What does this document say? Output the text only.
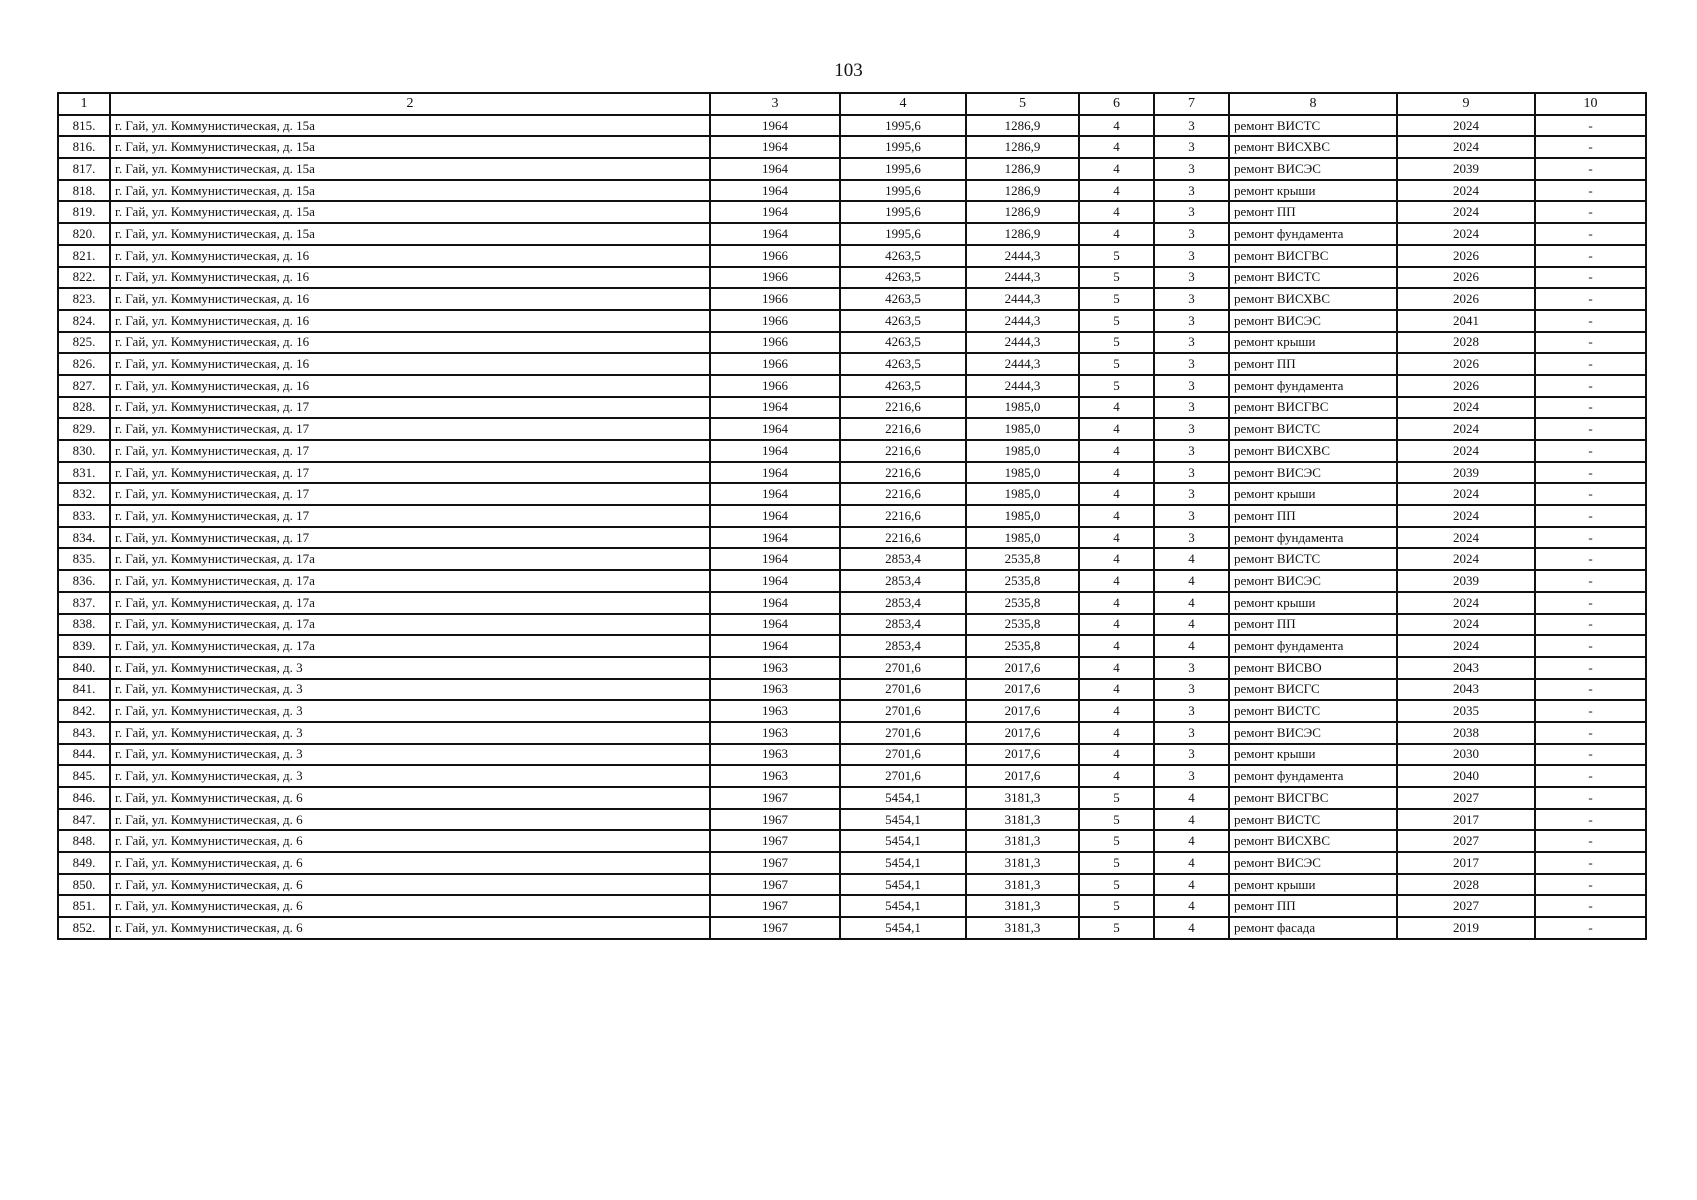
103
1	2	3	4	5	6	7	8	9	10
815.	г. Гай, ул. Коммунистическая, д. 15а	1964	1995,6	1286,9	4	3	ремонт ВИСТС	2024	-
816.	г. Гай, ул. Коммунистическая, д. 15а	1964	1995,6	1286,9	4	3	ремонт ВИСХВС	2024	-
817.	г. Гай, ул. Коммунистическая, д. 15а	1964	1995,6	1286,9	4	3	ремонт ВИСЭС	2039	-
818.	г. Гай, ул. Коммунистическая, д. 15а	1964	1995,6	1286,9	4	3	ремонт крыши	2024	-
819.	г. Гай, ул. Коммунистическая, д. 15а	1964	1995,6	1286,9	4	3	ремонт ПП	2024	-
820.	г. Гай, ул. Коммунистическая, д. 15а	1964	1995,6	1286,9	4	3	ремонт фундамента	2024	-
821.	г. Гай, ул. Коммунистическая, д. 16	1966	4263,5	2444,3	5	3	ремонт ВИСГВС	2026	-
822.	г. Гай, ул. Коммунистическая, д. 16	1966	4263,5	2444,3	5	3	ремонт ВИСТС	2026	-
823.	г. Гай, ул. Коммунистическая, д. 16	1966	4263,5	2444,3	5	3	ремонт ВИСХВС	2026	-
824.	г. Гай, ул. Коммунистическая, д. 16	1966	4263,5	2444,3	5	3	ремонт ВИСЭС	2041	-
825.	г. Гай, ул. Коммунистическая, д. 16	1966	4263,5	2444,3	5	3	ремонт крыши	2028	-
826.	г. Гай, ул. Коммунистическая, д. 16	1966	4263,5	2444,3	5	3	ремонт ПП	2026	-
827.	г. Гай, ул. Коммунистическая, д. 16	1966	4263,5	2444,3	5	3	ремонт фундамента	2026	-
828.	г. Гай, ул. Коммунистическая, д. 17	1964	2216,6	1985,0	4	3	ремонт ВИСГВС	2024	-
829.	г. Гай, ул. Коммунистическая, д. 17	1964	2216,6	1985,0	4	3	ремонт ВИСТС	2024	-
830.	г. Гай, ул. Коммунистическая, д. 17	1964	2216,6	1985,0	4	3	ремонт ВИСХВС	2024	-
831.	г. Гай, ул. Коммунистическая, д. 17	1964	2216,6	1985,0	4	3	ремонт ВИСЭС	2039	-
832.	г. Гай, ул. Коммунистическая, д. 17	1964	2216,6	1985,0	4	3	ремонт крыши	2024	-
833.	г. Гай, ул. Коммунистическая, д. 17	1964	2216,6	1985,0	4	3	ремонт ПП	2024	-
834.	г. Гай, ул. Коммунистическая, д. 17	1964	2216,6	1985,0	4	3	ремонт фундамента	2024	-
835.	г. Гай, ул. Коммунистическая, д. 17а	1964	2853,4	2535,8	4	4	ремонт ВИСТС	2024	-
836.	г. Гай, ул. Коммунистическая, д. 17а	1964	2853,4	2535,8	4	4	ремонт ВИСЭС	2039	-
837.	г. Гай, ул. Коммунистическая, д. 17а	1964	2853,4	2535,8	4	4	ремонт крыши	2024	-
838.	г. Гай, ул. Коммунистическая, д. 17а	1964	2853,4	2535,8	4	4	ремонт ПП	2024	-
839.	г. Гай, ул. Коммунистическая, д. 17а	1964	2853,4	2535,8	4	4	ремонт фундамента	2024	-
840.	г. Гай, ул. Коммунистическая, д. 3	1963	2701,6	2017,6	4	3	ремонт ВИСВО	2043	-
841.	г. Гай, ул. Коммунистическая, д. 3	1963	2701,6	2017,6	4	3	ремонт ВИСГС	2043	-
842.	г. Гай, ул. Коммунистическая, д. 3	1963	2701,6	2017,6	4	3	ремонт ВИСТС	2035	-
843.	г. Гай, ул. Коммунистическая, д. 3	1963	2701,6	2017,6	4	3	ремонт ВИСЭС	2038	-
844.	г. Гай, ул. Коммунистическая, д. 3	1963	2701,6	2017,6	4	3	ремонт крыши	2030	-
845.	г. Гай, ул. Коммунистическая, д. 3	1963	2701,6	2017,6	4	3	ремонт фундамента	2040	-
846.	г. Гай, ул. Коммунистическая, д. 6	1967	5454,1	3181,3	5	4	ремонт ВИСГВС	2027	-
847.	г. Гай, ул. Коммунистическая, д. 6	1967	5454,1	3181,3	5	4	ремонт ВИСТС	2017	-
848.	г. Гай, ул. Коммунистическая, д. 6	1967	5454,1	3181,3	5	4	ремонт ВИСХВС	2027	-
849.	г. Гай, ул. Коммунистическая, д. 6	1967	5454,1	3181,3	5	4	ремонт ВИСЭС	2017	-
850.	г. Гай, ул. Коммунистическая, д. 6	1967	5454,1	3181,3	5	4	ремонт крыши	2028	-
851.	г. Гай, ул. Коммунистическая, д. 6	1967	5454,1	3181,3	5	4	ремонт ПП	2027	-
852.	г. Гай, ул. Коммунистическая, д. 6	1967	5454,1	3181,3	5	4	ремонт фасада	2019	-
